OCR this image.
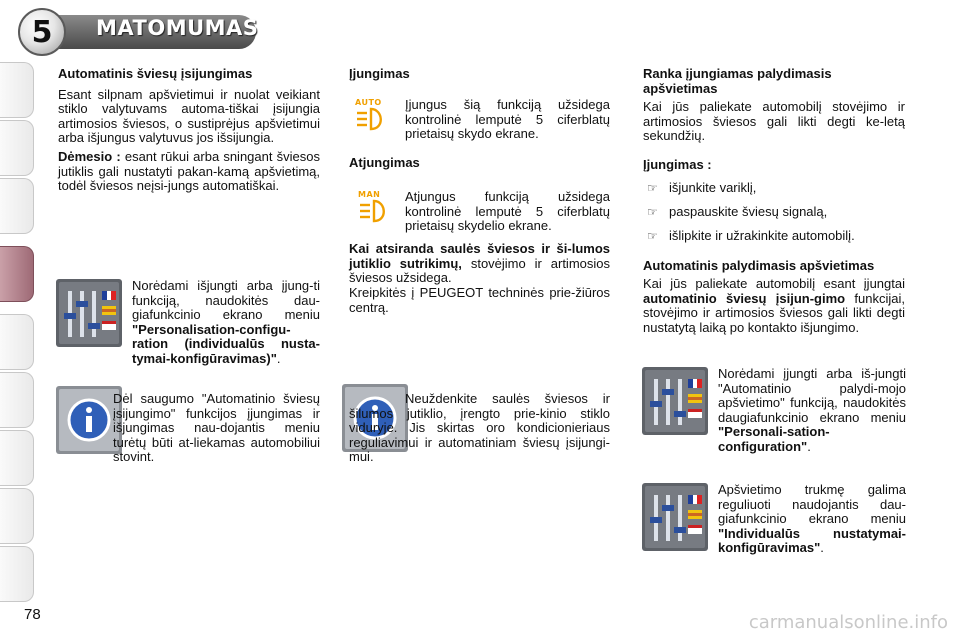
5	MATOMUMAS
Automatinis šviesų įsijungimas

Esant silpnam apšvietimui ir nuolat veikiant stiklo valytuvams automa-tiškai įsijungia artimosios šviesos, o sustiprėjus apšvietimui arba išjungus valytuvus jos išsijungia.

Dėmesio : esant rūkui arba sningant šviesos jutiklis gali nustatyti pakan-kamą apšvietimą, todėl šviesos neįsi-jungs automatiškai.

Norėdami išjungti arba įjung-ti funkciją, naudokitės dau-giafunkcinio ekrano meniu "Personalisation-configu-ration (individualūs nusta-tymai-konfigūravimas)".
Dėl saugumo "Automatinio šviesų įsijungimo" funkcijos įjungimas ir išjungimas nau-dojantis meniu turėtų būti at-liekamas automobiliui stovint.
Įjungimas
AUTO	Įjungus šią funkciją užsidega kontrolinė lemputė 5 ciferblatų prietaisų skydo ekrane.
Atjungimas
MAN	Atjungus funkciją užsidega kontrolinė lemputė 5 ciferblatų prietaisų skydelio ekrane.
Kai atsiranda saulės šviesos ir ši-lumos jutiklio sutrikimų, stovėjimo ir artimosios šviesos užsidega.
Kreipkitės į PEUGEOT techninės prie-žiūros centrą.
Neuždenkite saulės šviesos ir šilumos jutiklio, įrengto prie-kinio stiklo viduryje. Jis skirtas oro kondicionieriaus reguliavimui ir automatiniam šviesų įsijungi-mui.
Ranka įjungiamas palydimasis apšvietimas

Kai jūs paliekate automobilį stovėjimo ir artimosios šviesos gali likti degti ke-letą sekundžių.

Įjungimas :
☞ išjunkite variklį,
☞ paspauskite šviesų signalą,
☞ išlipkite ir užrakinkite automobilį.
Automatinis palydimasis apšvietimas

Kai jūs paliekate automobilį esant įjungtai automatinio šviesų įsijun-gimo funkcijai, stovėjimo ir artimosios šviesos gali likti degti nustatytą laiką po kontakto išjungimo.

Norėdami įjungti arba iš-jungti "Automatinio palydi-mojo apšvietimo" funkciją, naudokitės daugiafunkcinio ekrano meniu "Personali-sation-configuration".
Apšvietimo trukmę galima reguliuoti naudojantis dau-giafunkcinio ekrano meniu "Individualūs nustatymai-konfigūravimas".
78	carmanualsonline.info
